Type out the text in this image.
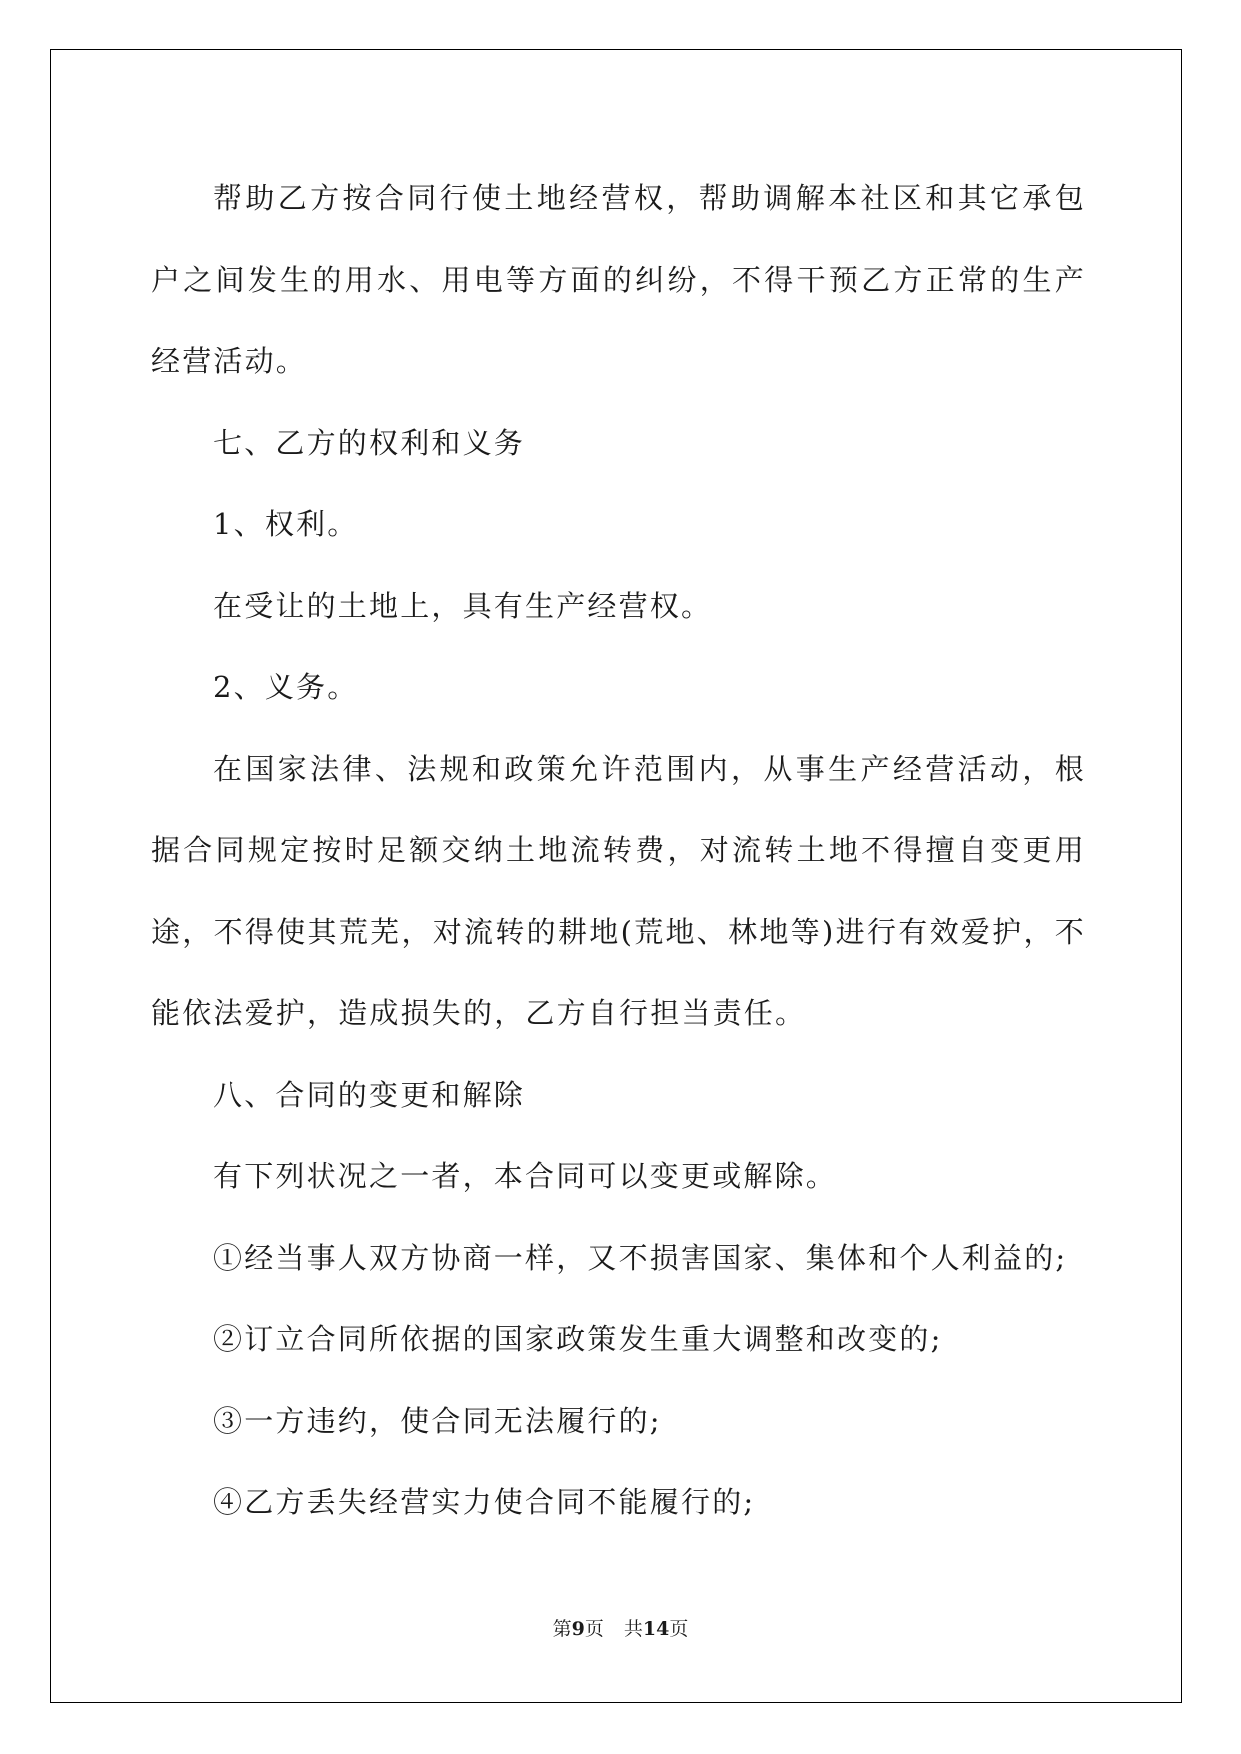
帮助乙方按合同行使土地经营权，帮助调解本社区和其它承包户之间发生的用水、用电等方面的纠纷，不得干预乙方正常的生产经营活动。

七、乙方的权利和义务

1、权利。

在受让的土地上，具有生产经营权。

2、义务。

在国家法律、法规和政策允许范围内，从事生产经营活动，根据合同规定按时足额交纳土地流转费，对流转土地不得擅自变更用途，不得使其荒芜，对流转的耕地(荒地、林地等)进行有效爱护，不能依法爱护，造成损失的，乙方自行担当责任。

八、合同的变更和解除

有下列状况之一者，本合同可以变更或解除。

①经当事人双方协商一样，又不损害国家、集体和个人利益的;

②订立合同所依据的国家政策发生重大调整和改变的;

③一方违约，使合同无法履行的;

④乙方丢失经营实力使合同不能履行的;

第9页 共14页
